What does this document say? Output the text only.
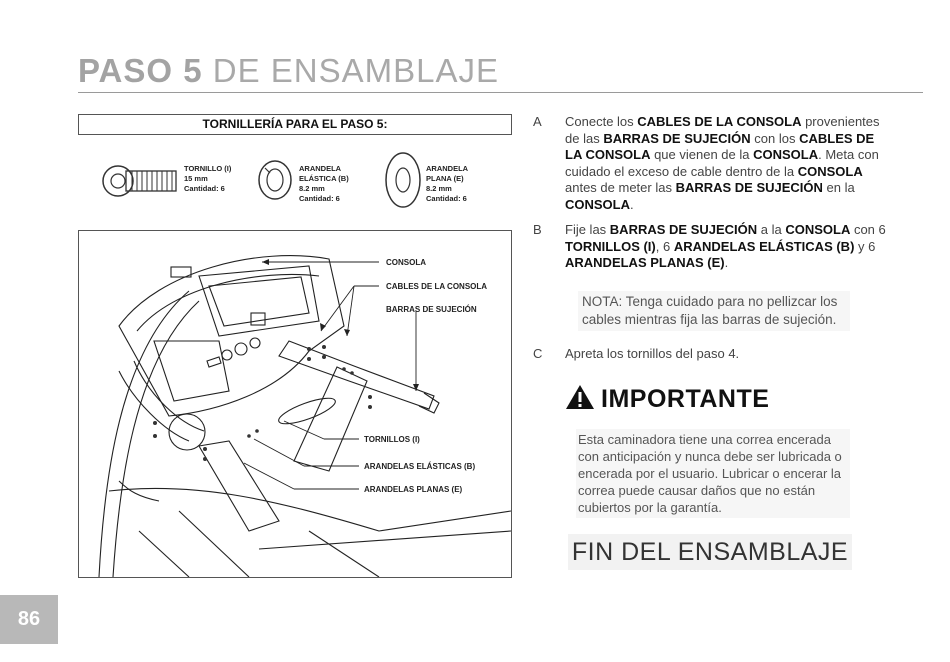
PASO 5 DE ENSAMBLAJE
TORNILLERÍA PARA EL PASO 5:
TORNILLO (I)
15 mm
Cantidad: 6
ARANDELA
ELÁSTICA (B)
8.2 mm
Cantidad: 6
ARANDELA
PLANA (E)
8.2 mm
Cantidad: 6
CONSOLA
CABLES DE LA CONSOLA
BARRAS DE SUJECIÓN
TORNILLOS (I)
ARANDELAS ELÁSTICAS (B)
ARANDELAS PLANAS (E)
A Conecte los CABLES DE LA CONSOLA provenientes de las BARRAS DE SUJECIÓN con los CABLES DE LA CONSOLA que vienen de la CONSOLA. Meta con cuidado el exceso de cable dentro de la CONSOLA antes de meter las BARRAS DE SUJECIÓN en la CONSOLA.
B Fije las BARRAS DE SUJECIÓN a la CONSOLA con 6 TORNILLOS (I), 6 ARANDELAS ELÁSTICAS (B) y 6 ARANDELAS PLANAS (E).
NOTA: Tenga cuidado para no pellizcar los cables mientras fija las barras de sujeción.
C Apreta los tornillos del paso 4.
IMPORTANTE
Esta caminadora tiene una correa encerada con anticipación y nunca debe ser lubricada o encerada por el usuario. Lubricar o encerar la correa puede causar daños que no están cubiertos por la garantía.
FIN DEL ENSAMBLAJE
86
